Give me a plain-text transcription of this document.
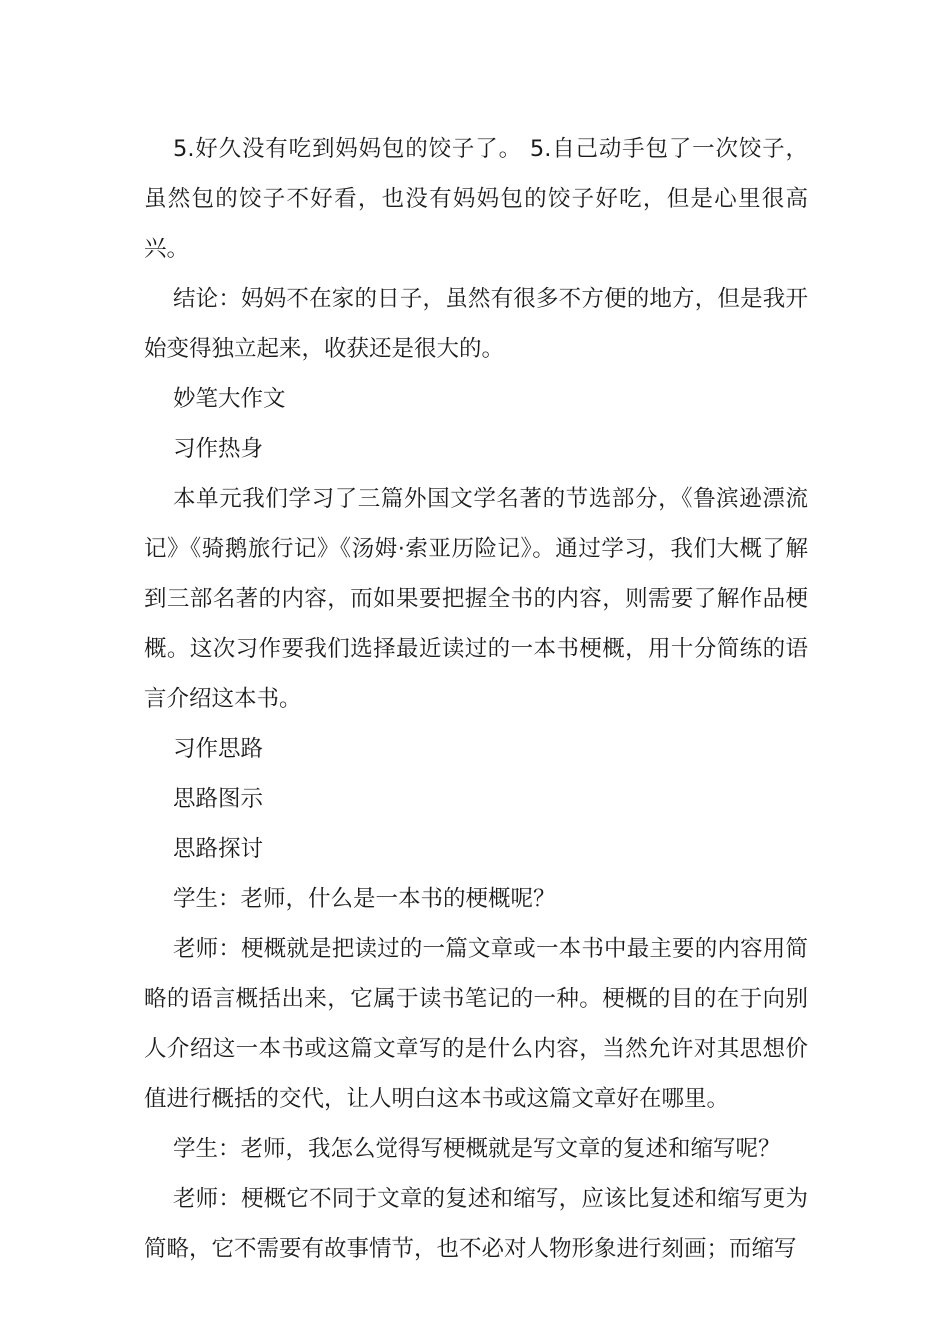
5.好久没有吃到妈妈包的饺子了。 5.自己动手包了一次饺子，虽然包的饺子不好看，也没有妈妈包的饺子好吃，但是心里很高兴。

结论：妈妈不在家的日子，虽然有很多不方便的地方，但是我开始变得独立起来，收获还是很大的。

妙笔大作文

习作热身

本单元我们学习了三篇外国文学名著的节选部分，《鲁滨逊漂流记》《骑鹅旅行记》《汤姆·索亚历险记》。通过学习，我们大概了解到三部名著的内容，而如果要把握全书的内容，则需要了解作品梗概。这次习作要我们选择最近读过的一本书梗概，用十分简练的语言介绍这本书。

习作思路

思路图示

思路探讨

学生：老师，什么是一本书的梗概呢？

老师：梗概就是把读过的一篇文章或一本书中最主要的内容用简略的语言概括出来，它属于读书笔记的一种。梗概的目的在于向别人介绍这一本书或这篇文章写的是什么内容，当然允许对其思想价值进行概括的交代，让人明白这本书或这篇文章好在哪里。

学生：老师，我怎么觉得写梗概就是写文章的复述和缩写呢？

老师：梗概它不同于文章的复述和缩写，应该比复述和缩写更为简略，它不需要有故事情节，也不必对人物形象进行刻画；而缩写
